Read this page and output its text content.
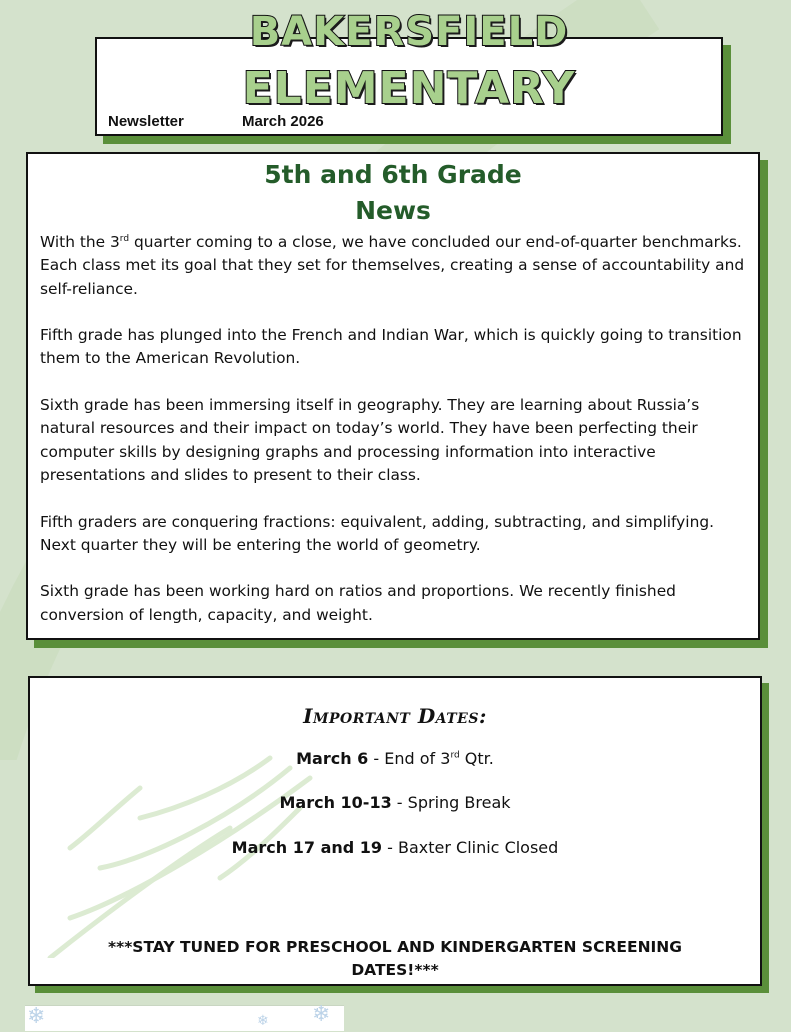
BAKERSFIELD
ELEMENTARY
Newsletter	March 2026
5th and 6th Grade
News

With the 3rd quarter coming to a close, we have concluded our end-of-quarter benchmarks. Each class met its goal that they set for themselves, creating a sense of accountability and self-reliance.

Fifth grade has plunged into the French and Indian War, which is quickly going to transition them to the American Revolution.

Sixth grade has been immersing itself in geography. They are learning about Russia’s natural resources and their impact on today’s world. They have been perfecting their computer skills by designing graphs and processing information into interactive presentations and slides to present to their class.

Fifth graders are conquering fractions: equivalent, adding, subtracting, and simplifying. Next quarter they will be entering the world of geometry.

Sixth grade has been working hard on ratios and proportions. We recently finished conversion of length, capacity, and weight.

Important Dates:
March 6 - End of 3rd Qtr.
March 10-13 - Spring Break
March 17 and 19 - Baxter Clinic Closed
***STAY TUNED FOR PRESCHOOL AND KINDERGARTEN SCREENING DATES!***
❄	❄ ❄
